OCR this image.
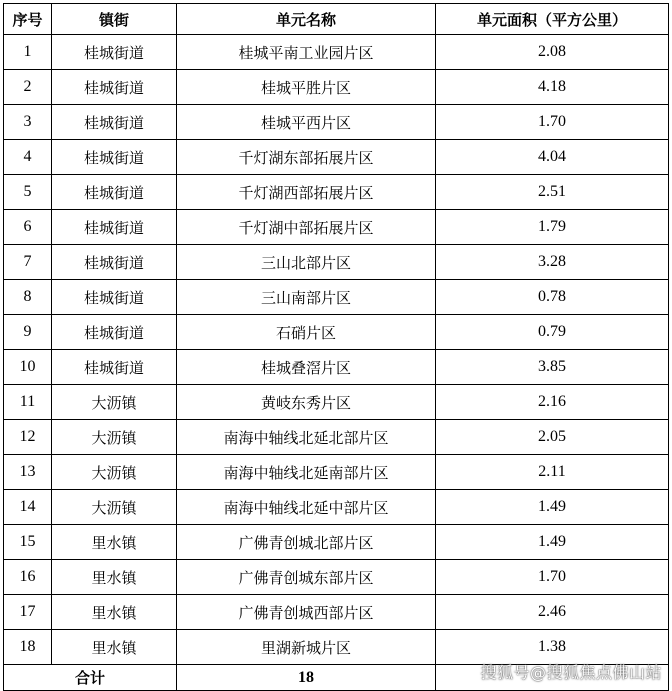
序号	镇街	单元名称	单元面积（平方公里）
1	桂城街道	桂城平南工业园片区	2.08
2	桂城街道	桂城平胜片区	4.18
3	桂城街道	桂城平西片区	1.70
4	桂城街道	千灯湖东部拓展片区	4.04
5	桂城街道	千灯湖西部拓展片区	2.51
6	桂城街道	千灯湖中部拓展片区	1.79
7	桂城街道	三山北部片区	3.28
8	桂城街道	三山南部片区	0.78
9	桂城街道	石硝片区	0.79
10	桂城街道	桂城叠滘片区	3.85
11	大沥镇	黄岐东秀片区	2.16
12	大沥镇	南海中轴线北延北部片区	2.05
13	大沥镇	南海中轴线北延南部片区	2.11
14	大沥镇	南海中轴线北延中部片区	1.49
15	里水镇	广佛青创城北部片区	1.49
16	里水镇	广佛青创城东部片区	1.70
17	里水镇	广佛青创城西部片区	2.46
18	里水镇	里湖新城片区	1.38
合计		18		搜狐号@搜狐焦点佛山站
